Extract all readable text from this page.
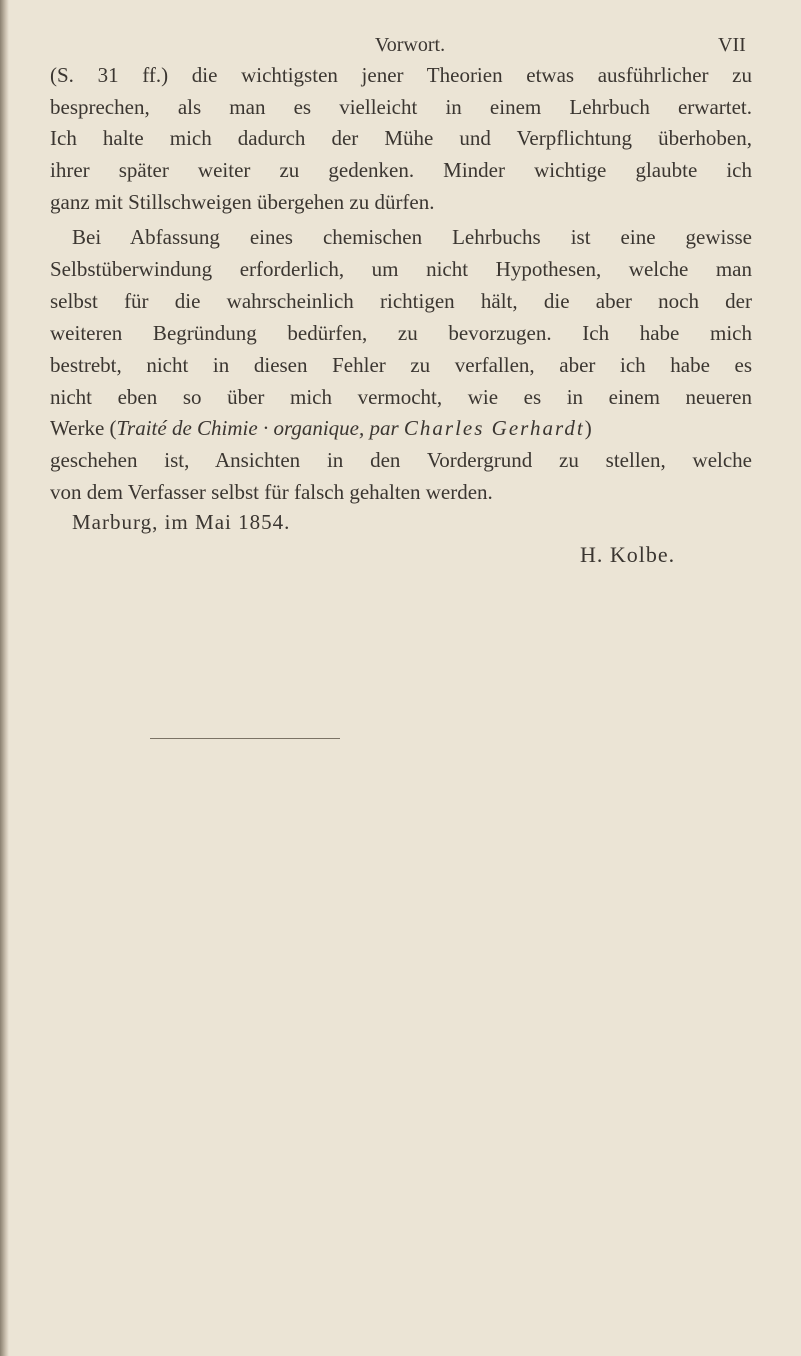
Vorwort.	VII
(S. 31 ff.) die wichtigsten jener Theorien etwas ausführlicher zu
besprechen, als man es vielleicht in einem Lehrbuch erwartet.
Ich halte mich dadurch der Mühe und Verpflichtung überhoben,
ihrer später weiter zu gedenken. Minder wichtige glaubte ich
ganz mit Stillschweigen übergehen zu dürfen.
Bei Abfassung eines chemischen Lehrbuchs ist eine gewisse
Selbstüberwindung erforderlich, um nicht Hypothesen, welche man
selbst für die wahrscheinlich richtigen hält, die aber noch der
weiteren Begründung bedürfen, zu bevorzugen. Ich habe mich
bestrebt, nicht in diesen Fehler zu verfallen, aber ich habe es
nicht eben so über mich vermocht, wie es in einem neueren
Werke (Traité de Chimie · organique, par Charles Gerhardt)
geschehen ist, Ansichten in den Vordergrund zu stellen, welche
von dem Verfasser selbst für falsch gehalten werden.
Marburg, im Mai 1854.
H. Kolbe.
